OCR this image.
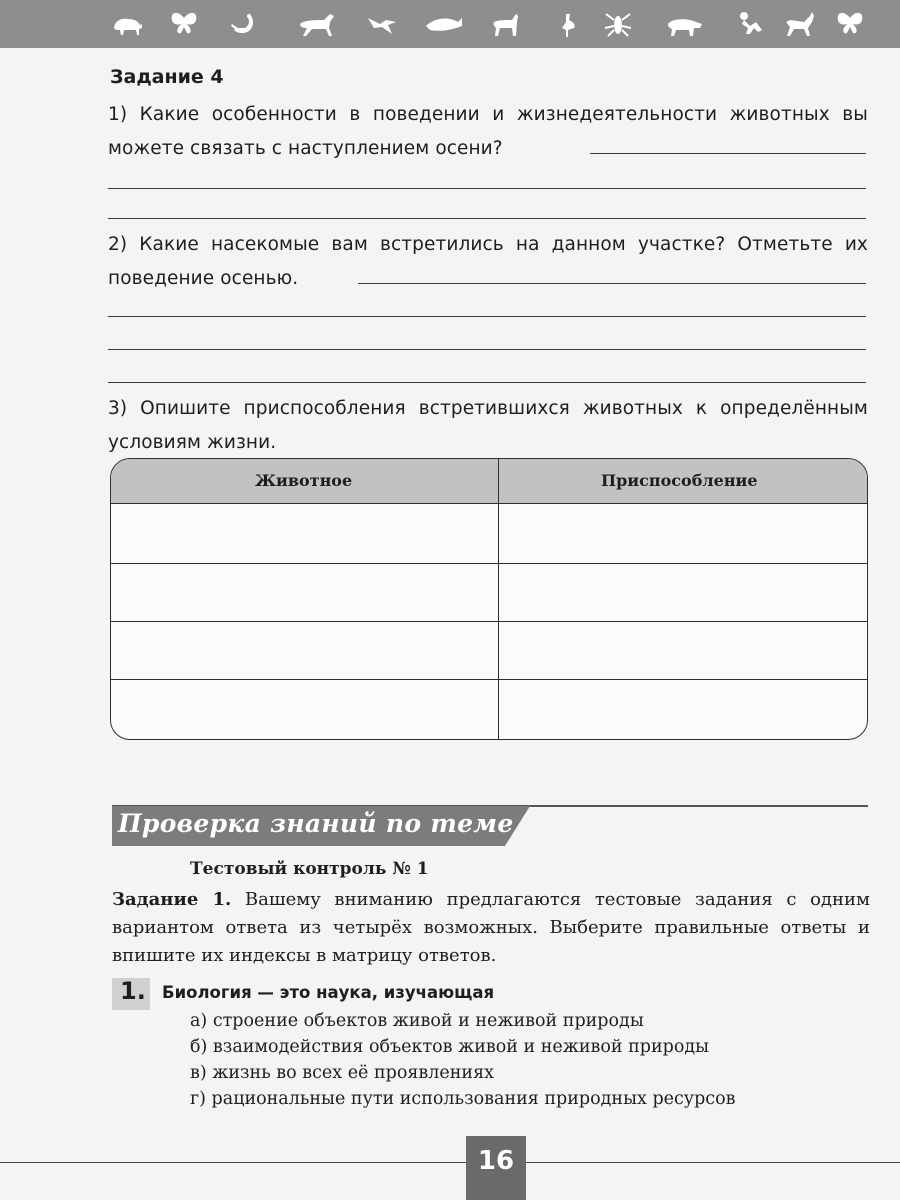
Задание 4
1) Какие особенности в поведении и жизнедеятельности животных вы можете связать с наступлением осени?
2) Какие насекомые вам встретились на данном участке? Отметьте их поведение осенью.
3) Опишите приспособления встретившихся животных к определённым условиям жизни.
Животное	Приспособление
Проверка знаний по теме
Тестовый контроль № 1
Задание 1. Вашему вниманию предлагаются тестовые задания с одним вариантом ответа из четырёх возможных. Выберите правильные ответы и впишите их индексы в матрицу ответов.
1. Биология — это наука, изучающая
а) строение объектов живой и неживой природы
б) взаимодействия объектов живой и неживой природы
в) жизнь во всех её проявлениях
г) рациональные пути использования природных ресурсов
16
